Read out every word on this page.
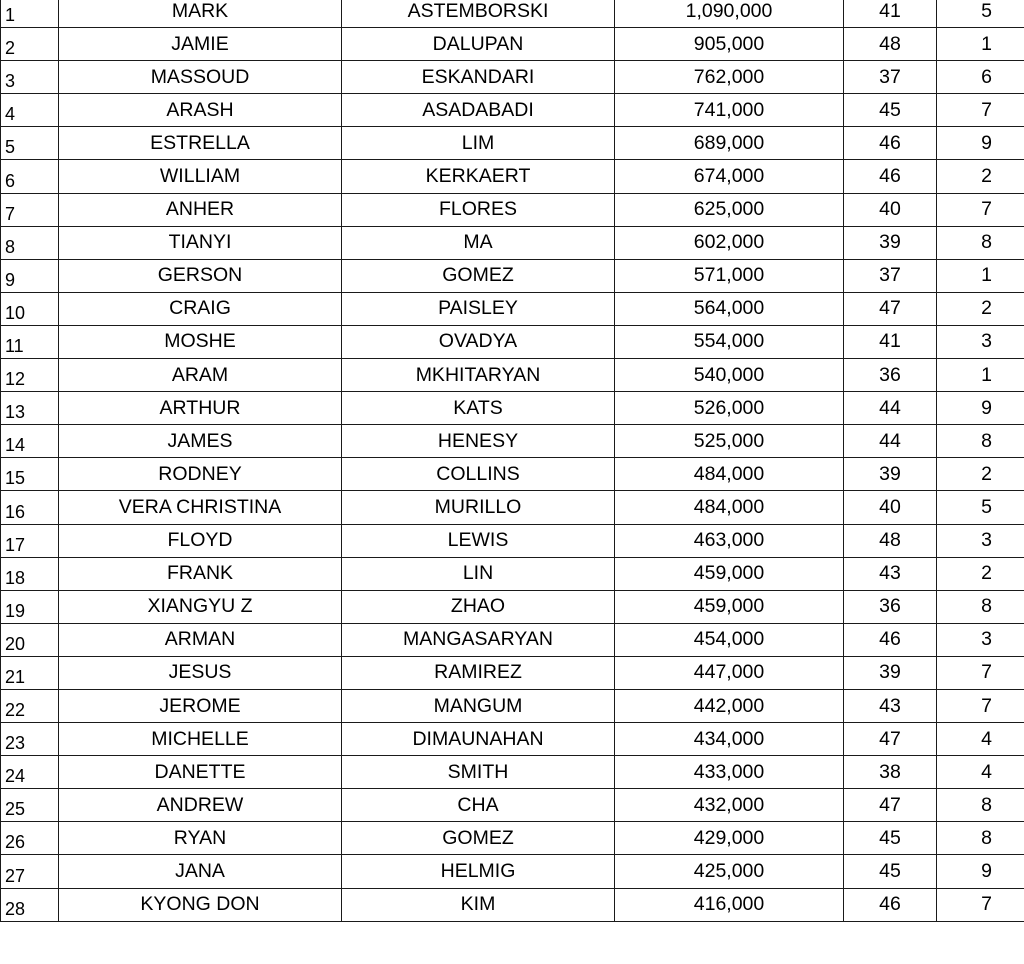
1	MARK	ASTEMBORSKI	1,090,000	41	5
2	JAMIE	DALUPAN	905,000	48	1
3	MASSOUD	ESKANDARI	762,000	37	6
4	ARASH	ASADABADI	741,000	45	7
5	ESTRELLA	LIM	689,000	46	9
6	WILLIAM	KERKAERT	674,000	46	2
7	ANHER	FLORES	625,000	40	7
8	TIANYI	MA	602,000	39	8
9	GERSON	GOMEZ	571,000	37	1
10	CRAIG	PAISLEY	564,000	47	2
11	MOSHE	OVADYA	554,000	41	3
12	ARAM	MKHITARYAN	540,000	36	1
13	ARTHUR	KATS	526,000	44	9
14	JAMES	HENESY	525,000	44	8
15	RODNEY	COLLINS	484,000	39	2
16	VERA CHRISTINA	MURILLO	484,000	40	5
17	FLOYD	LEWIS	463,000	48	3
18	FRANK	LIN	459,000	43	2
19	XIANGYU Z	ZHAO	459,000	36	8
20	ARMAN	MANGASARYAN	454,000	46	3
21	JESUS	RAMIREZ	447,000	39	7
22	JEROME	MANGUM	442,000	43	7
23	MICHELLE	DIMAUNAHAN	434,000	47	4
24	DANETTE	SMITH	433,000	38	4
25	ANDREW	CHA	432,000	47	8
26	RYAN	GOMEZ	429,000	45	8
27	JANA	HELMIG	425,000	45	9
28	KYONG DON	KIM	416,000	46	7
